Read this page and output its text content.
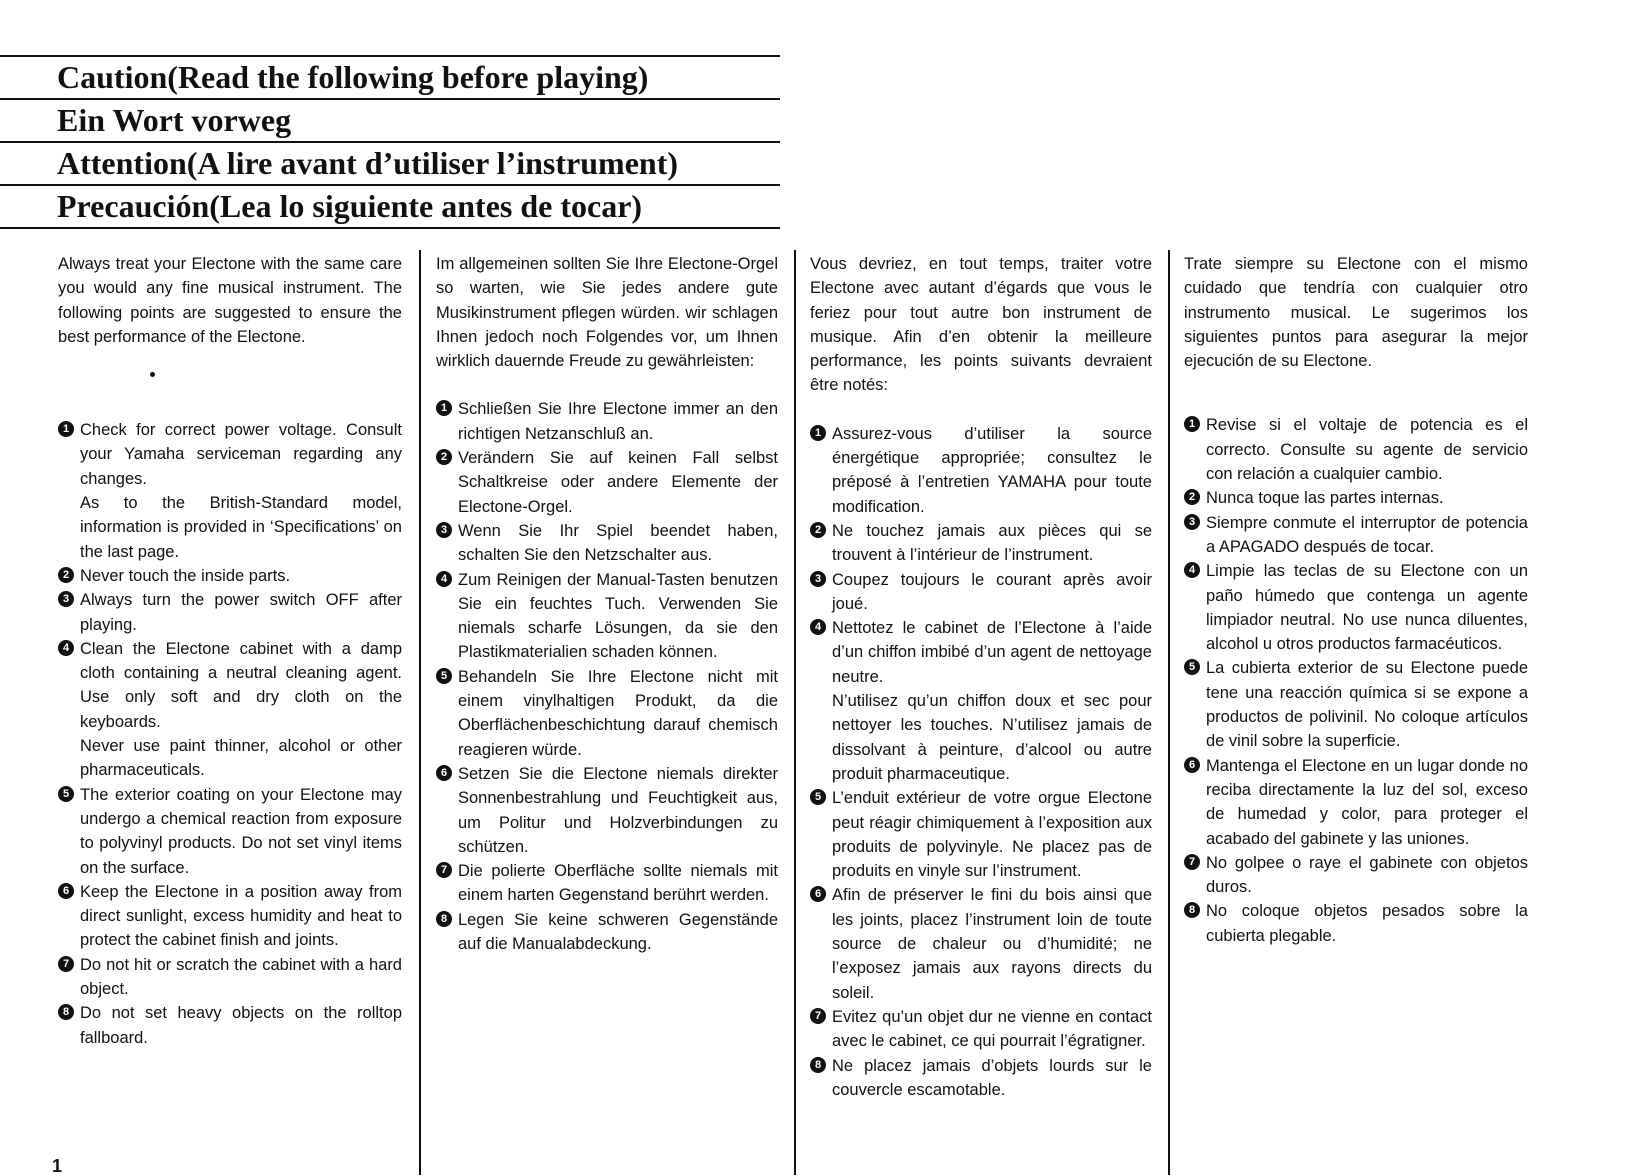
Caution(Read the following before playing)
Ein Wort vorweg
Attention(A lire avant d’utiliser l’instrument)
Precaución(Lea lo siguiente antes de tocar)

Always treat your Electone with the same care you would any fine musical instrument. The following points are suggested to ensure the best performance of the Electone.

1 Check for correct power voltage. Consult your Yamaha serviceman regarding any changes.
As to the British-Standard model, information is provided in ‘Specifications’ on the last page.
2 Never touch the inside parts.
3 Always turn the power switch OFF after playing.
4 Clean the Electone cabinet with a damp cloth containing a neutral cleaning agent. Use only soft and dry cloth on the keyboards.
Never use paint thinner, alcohol or other pharmaceuticals.
5 The exterior coating on your Electone may undergo a chemical reaction from exposure to polyvinyl products. Do not set vinyl items on the surface.
6 Keep the Electone in a position away from direct sunlight, excess humidity and heat to protect the cabinet finish and joints.
7 Do not hit or scratch the cabinet with a hard object.
8 Do not set heavy objects on the rolltop fallboard.

Im allgemeinen sollten Sie Ihre Electone-Orgel so warten, wie Sie jedes andere gute Musikinstrument pflegen würden. wir schlagen Ihnen jedoch noch Folgendes vor, um Ihnen wirklich dauernde Freude zu gewährleisten:

1 Schließen Sie Ihre Electone immer an den richtigen Netzanschluß an.
2 Verändern Sie auf keinen Fall selbst Schaltkreise oder andere Elemente der Electone-Orgel.
3 Wenn Sie Ihr Spiel beendet haben, schalten Sie den Netzschalter aus.
4 Zum Reinigen der Manual-Tasten benutzen Sie ein feuchtes Tuch. Verwenden Sie niemals scharfe Lösungen, da sie den Plastikmaterialien schaden können.
5 Behandeln Sie Ihre Electone nicht mit einem vinylhaltigen Produkt, da die Oberflächenbeschichtung darauf chemisch reagieren würde.
6 Setzen Sie die Electone niemals direkter Sonnenbestrahlung und Feuchtigkeit aus, um Politur und Holzverbindungen zu schützen.
7 Die polierte Oberfläche sollte niemals mit einem harten Gegenstand berührt werden.
8 Legen Sie keine schweren Gegenstände auf die Manualabdeckung.

Vous devriez, en tout temps, traiter votre Electone avec autant d’égards que vous le feriez pour tout autre bon instrument de musique. Afin d’en obtenir la meilleure performance, les points suivants devraient être notés:

1 Assurez-vous d’utiliser la source énergétique appropriée; consultez le préposé à l’entretien YAMAHA pour toute modification.
2 Ne touchez jamais aux pièces qui se trouvent à l’intérieur de l’instrument.
3 Coupez toujours le courant après avoir joué.
4 Nettotez le cabinet de l’Electone à l’aide d’un chiffon imbibé d’un agent de nettoyage neutre.
N’utilisez qu’un chiffon doux et sec pour nettoyer les touches. N’utilisez jamais de dissolvant à peinture, d’alcool ou autre produit pharmaceutique.
5 L’enduit extérieur de votre orgue Electone peut réagir chimiquement à l’exposition aux produits de polyvinyle. Ne placez pas de produits en vinyle sur l’instrument.
6 Afin de préserver le fini du bois ainsi que les joints, placez l’instrument loin de toute source de chaleur ou d’humidité; ne l’exposez jamais aux rayons directs du soleil.
7 Evitez qu’un objet dur ne vienne en contact avec le cabinet, ce qui pourrait l’égratigner.
8 Ne placez jamais d’objets lourds sur le couvercle escamotable.

Trate siempre su Electone con el mismo cuidado que tendría con cualquier otro instrumento musical. Le sugerimos los siguientes puntos para asegurar la mejor ejecución de su Electone.

1 Revise si el voltaje de potencia es el correcto. Consulte su agente de servicio con relación a cualquier cambio.
2 Nunca toque las partes internas.
3 Siempre conmute el interruptor de potencia a APAGADO después de tocar.
4 Limpie las teclas de su Electone con un paño húmedo que contenga un agente limpiador neutral. No use nunca diluentes, alcohol u otros productos farmacéuticos.
5 La cubierta exterior de su Electone puede tene una reacción química si se expone a productos de polivinil. No coloque artículos de vinil sobre la superficie.
6 Mantenga el Electone en un lugar donde no reciba directamente la luz del sol, exceso de humedad y color, para proteger el acabado del gabinete y las uniones.
7 No golpee o raye el gabinete con objetos duros.
8 No coloque objetos pesados sobre la cubierta plegable.
1
